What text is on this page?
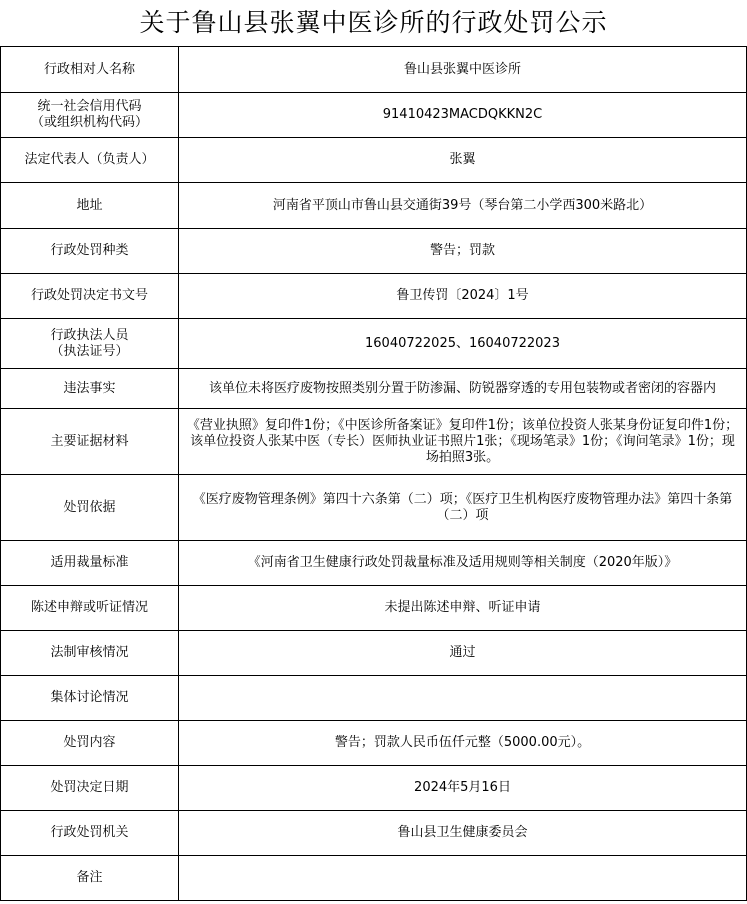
关于鲁山县张翼中医诊所的行政处罚公示
行政相对人名称	鲁山县张翼中医诊所

统一社会信用代码
（或组织机构代码）	91410423MACDQKKN2C

法定代表人（负责人）	张翼

地址	河南省平顶山市鲁山县交通街39号（琴台第二小学西300米路北）

行政处罚种类	警告；罚款

行政处罚决定书文号	鲁卫传罚〔2024〕1号

行政执法人员
（执法证号）	16040722025、16040722023

违法事实	该单位未将医疗废物按照类别分置于防渗漏、防锐器穿透的专用包装物或者密闭的容器内

主要证据材料	《营业执照》复印件1份；《中医诊所备案证》复印件1份；该单位投资人张某身份证复印件1份；该单位投资人张某中医（专长）医师执业证书照片1张；《现场笔录》1份；《询问笔录》1份；现场拍照3张。

处罚依据	《医疗废物管理条例》第四十六条第（二）项；《医疗卫生机构医疗废物管理办法》第四十条第（二）项

适用裁量标准	《河南省卫生健康行政处罚裁量标准及适用规则等相关制度（2020年版）》

陈述申辩或听证情况	未提出陈述申辩、听证申请

法制审核情况	通过

集体讨论情况	

处罚内容	警告；罚款人民币伍仟元整（5000.00元）。

处罚决定日期	2024年5月16日

行政处罚机关	鲁山县卫生健康委员会

备注	
